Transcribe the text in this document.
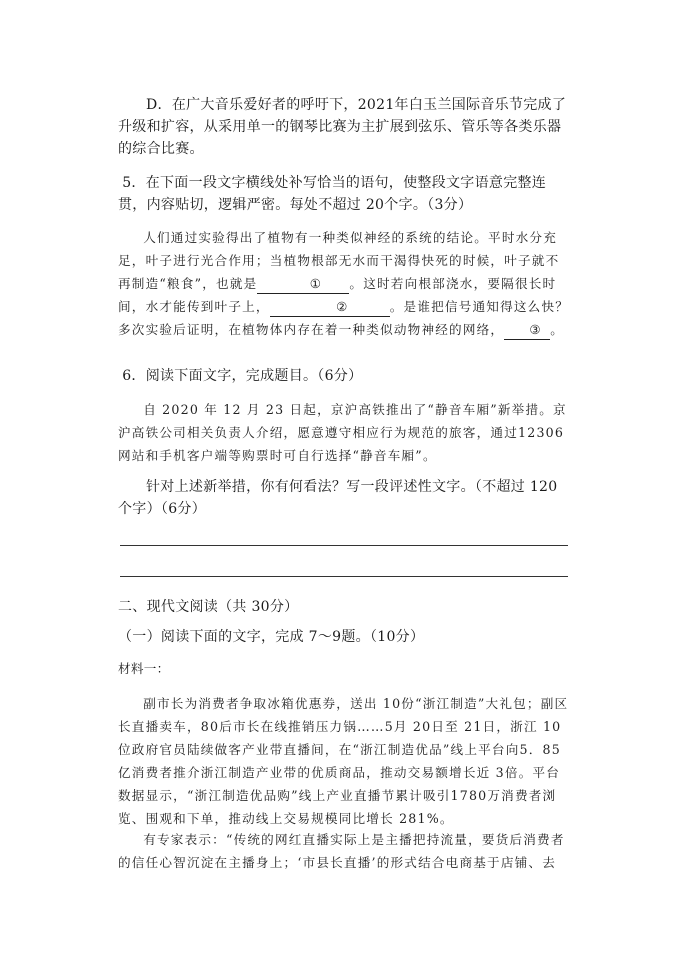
D．在广大音乐爱好者的呼吁下，2021年白玉兰国际音乐节完成了升级和扩容，从采用单一的钢琴比赛为主扩展到弦乐、管乐等各类乐器的综合比赛。

5．在下面一段文字横线处补写恰当的语句，使整段文字语意完整连贯，内容贴切，逻辑严密。每处不超过 20个字。（3分）

人们通过实验得出了植物有一种类似神经的系统的结论。平时水分充足，叶子进行光合作用；当植物根部无水而干渴得快死的时候，叶子就不再制造“粮食”，也就是	① 。这时若向根部浇水，要隔很长时间，水才能传到叶子上，	②	。是谁把信号通知得这么快？多次实验后证明，在植物体内存在着一种类似动物神经的网络， ③ 。

6．阅读下面文字，完成题目。（6分）

自 2020 年 12 月 23 日起，京沪高铁推出了“静音车厢”新举措。京沪高铁公司相关负责人介绍，愿意遵守相应行为规范的旅客，通过12306网站和手机客户端等购票时可自行选择“静音车厢”。

针对上述新举措，你有何看法？写一段评述性文字。（不超过 120个字）（6分）

二、现代文阅读（共 30分）

（一）阅读下面的文字，完成 7～9题。（10分）

材料一：

副市长为消费者争取冰箱优惠券，送出 10份“浙江制造”大礼包；副区长直播卖车，80后市长在线推销压力锅……5月 20日至 21日，浙江 10位政府官员陆续做客产业带直播间，在“浙江制造优品”线上平台向5．85亿消费者推介浙江制造产业带的优质商品，推动交易额增长近 3倍。平台数据显示，“浙江制造优品购”线上产业直播节累计吸引1780万消费者浏览、围观和下单，推动线上交易规模同比增长 281%。

有专家表示：“传统的网红直播实际上是主播把持流量，要货后消费者的信任心智沉淀在主播身上；‘市县长直播’的形式结合电商基于店铺、去
